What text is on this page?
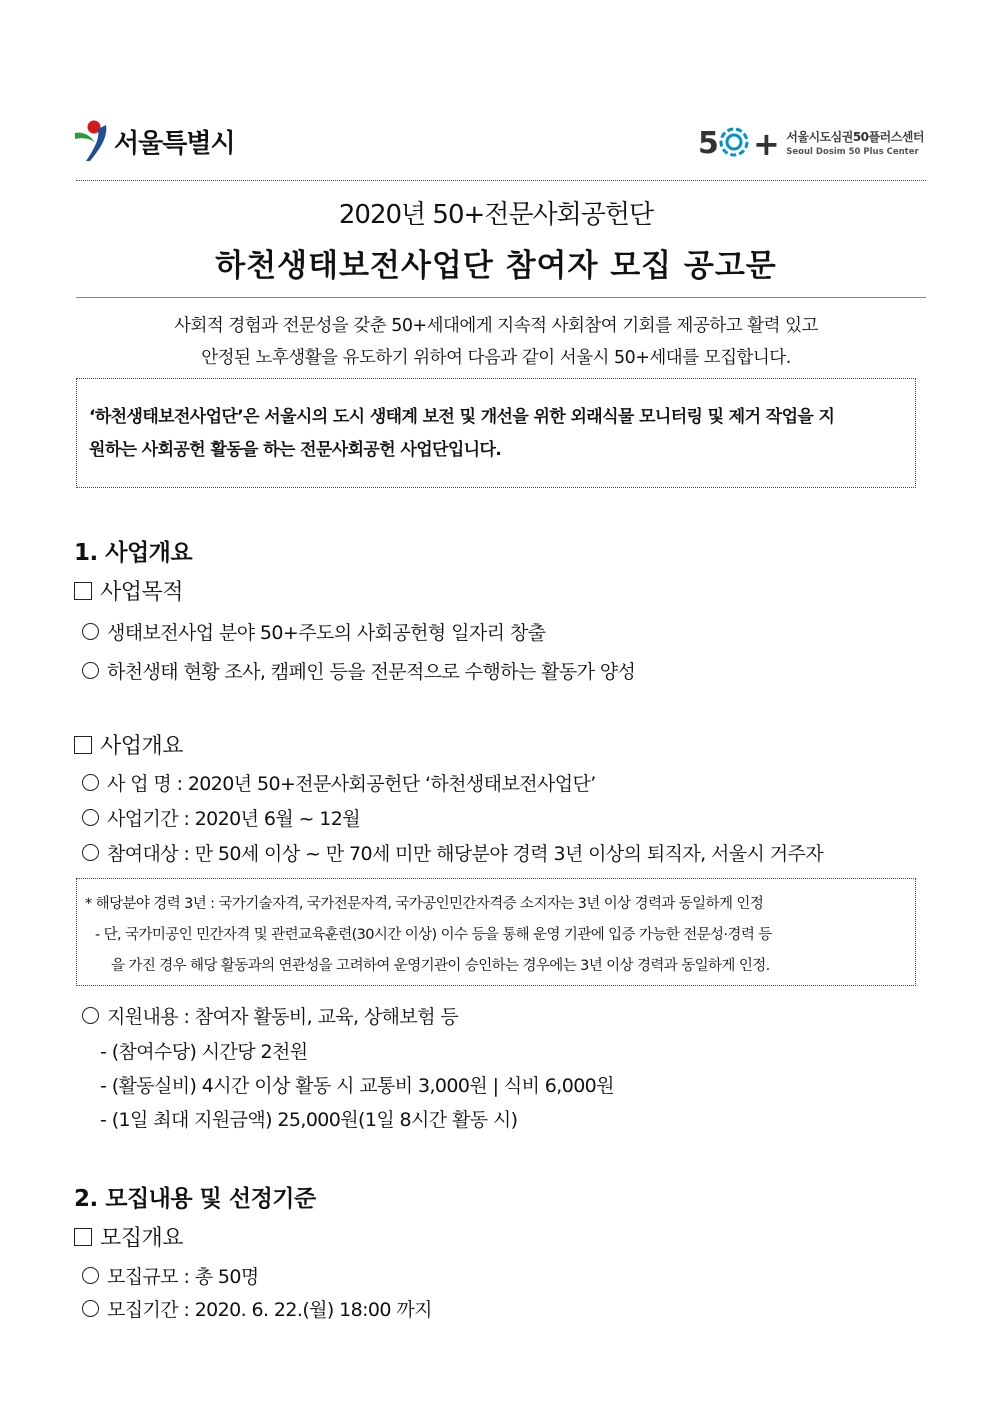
서울특별시	5 + 서울시도심권50플러스센터
Seoul Dosim 50 Plus Center
2020년 50+전문사회공헌단
하천생태보전사업단 참여자 모집 공고문
사회적 경험과 전문성을 갖춘 50+세대에게 지속적 사회참여 기회를 제공하고 활력 있고
안정된 노후생활을 유도하기 위하여 다음과 같이 서울시 50+세대를 모집합니다.
‘하천생태보전사업단’은 서울시의 도시 생태계 보전 및 개선을 위한 외래식물 모니터링 및 제거 작업을 지
원하는 사회공헌 활동을 하는 전문사회공헌 사업단입니다.
1. 사업개요
사업목적
생태보전사업 분야 50+주도의 사회공헌형 일자리 창출
하천생태 현황 조사, 캠페인 등을 전문적으로 수행하는 활동가 양성
사업개요
사 업 명 : 2020년 50+전문사회공헌단 ‘하천생태보전사업단’
사업기간 : 2020년 6월 ~ 12월
참여대상 : 만 50세 이상 ~ 만 70세 미만 해당분야 경력 3년 이상의 퇴직자, 서울시 거주자
* 해당분야 경력 3년 : 국가기술자격, 국가전문자격, 국가공인민간자격증 소지자는 3년 이상 경력과 동일하게 인정
- 단, 국가미공인 민간자격 및 관련교육훈련(30시간 이상) 이수 등을 통해 운영 기관에 입증 가능한 전문성·경력 등
을 가진 경우 해당 활동과의 연관성을 고려하여 운영기관이 승인하는 경우에는 3년 이상 경력과 동일하게 인정.
지원내용 : 참여자 활동비, 교육, 상해보험 등
- (참여수당) 시간당 2천원
- (활동실비) 4시간 이상 활동 시 교통비 3,000원 | 식비 6,000원
- (1일 최대 지원금액) 25,000원(1일 8시간 활동 시)
2. 모집내용 및 선정기준
모집개요
모집규모 : 총 50명
모집기간 : 2020. 6. 22.(월) 18:00 까지
